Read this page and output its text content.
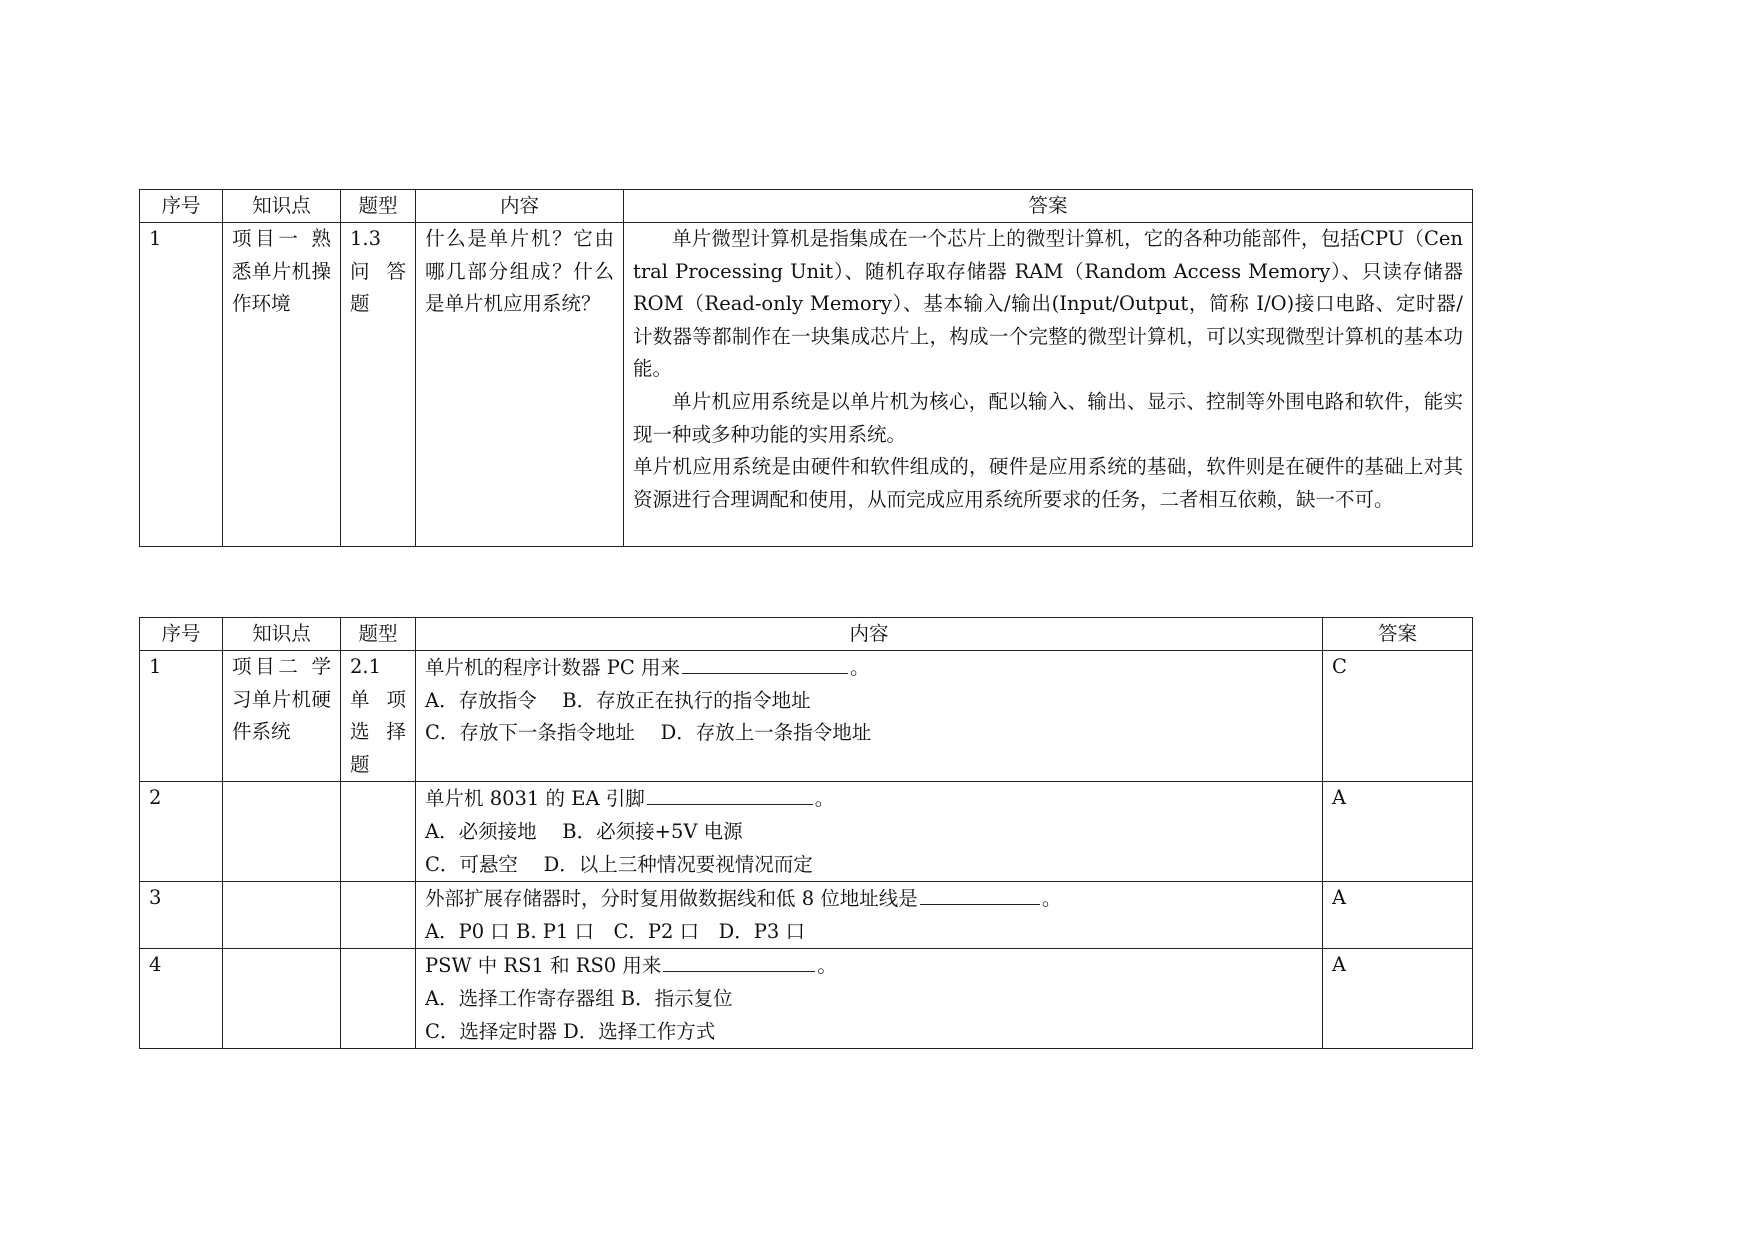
序号	知识点	题型	内容	答案
1	项目一 熟悉单片机操作环境	1.3 问答题	什么是单片机？它由哪几部分组成？什么是单片机应用系统？	单片微型计算机是指集成在一个芯片上的微型计算机，它的各种功能部件，包括CPU（Central Processing Unit）、随机存取存储器 RAM（Random Access Memory）、只读存储器 ROM（Read-only Memory）、基本输入/输出(Input/Output，简称 I/O)接口电路、定时器/计数器等都制作在一块集成芯片上，构成一个完整的微型计算机，可以实现微型计算机的基本功能。
单片机应用系统是以单片机为核心，配以输入、输出、显示、控制等外围电路和软件，能实现一种或多种功能的实用系统。
单片机应用系统是由硬件和软件组成的，硬件是应用系统的基础，软件则是在硬件的基础上对其资源进行合理调配和使用，从而完成应用系统所要求的任务，二者相互依赖，缺一不可。
序号	知识点	题型	内容	答案
1	项目二 学习单片机硬件系统	2.1 单项选择题	单片机的程序计数器 PC 用来 。
A．存放指令　 B．存放正在执行的指令地址
C．存放下一条指令地址　 D．存放上一条指令地址	C
2			单片机 8031 的 EA 引脚 。
A．必须接地　 B．必须接+5V 电源
C．可悬空　 D．以上三种情况要视情况而定	A
3			外部扩展存储器时，分时复用做数据线和低 8 位地址线是 。
A．P0 口 B. P1 口　C．P2 口　D．P3 口	A
4			PSW 中 RS1 和 RS0 用来 。
A．选择工作寄存器组 B．指示复位
C．选择定时器 D．选择工作方式	A
